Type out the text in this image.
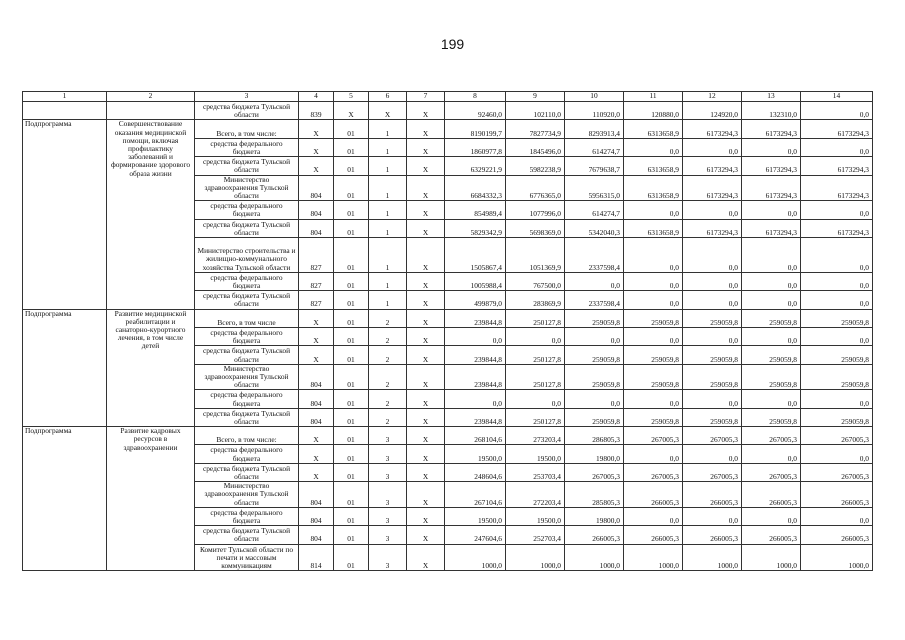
199
1	2	3	4	5	6	7	8	9	10	11	12	13	14
		средства бюджета Тульской области	839	X	X	X	92460,0	102110,0	110920,0	120880,0	124920,0	132310,0	0,0
Подпрограмма	Совершенствование оказания медицинской помощи, включая профилактику заболеваний и формирование здорового образа жизни	Всего, в том числе:	X	01	1	X	8190199,7	7827734,9	8293913,4	6313658,9	6173294,3	6173294,3	6173294,3
		средства федерального бюджета	X	01	1	X	1860977,8	1845496,0	614274,7	0,0	0,0	0,0	0,0
		средства бюджета Тульской области	X	01	1	X	6329221,9	5982238,9	7679638,7	6313658,9	6173294,3	6173294,3	6173294,3
		Министерство здравоохранения Тульской области	804	01	1	X	6684332,3	6776365,0	5956315,0	6313658,9	6173294,3	6173294,3	6173294,3
		средства федерального бюджета	804	01	1	X	854989,4	1077996,0	614274,7	0,0	0,0	0,0	0,0
		средства бюджета Тульской области	804	01	1	X	5829342,9	5698369,0	5342040,3	6313658,9	6173294,3	6173294,3	6173294,3
		Министерство строительства и жилищно-коммунального хозяйства Тульской области	827	01	1	X	1505867,4	1051369,9	2337598,4	0,0	0,0	0,0	0,0
		средства федерального бюджета	827	01	1	X	1005988,4	767500,0	0,0	0,0	0,0	0,0	0,0
		средства бюджета Тульской области	827	01	1	X	499879,0	283869,9	2337598,4	0,0	0,0	0,0	0,0
Подпрограмма	Развитие медицинской реабилитации и санаторно-курортного лечения, в том числе детей	Всего, в том числе	X	01	2	X	239844,8	250127,8	259059,8	259059,8	259059,8	259059,8	259059,8
		средства федерального бюджета	X	01	2	X	0,0	0,0	0,0	0,0	0,0	0,0	0,0
		средства бюджета Тульской области	X	01	2	X	239844,8	250127,8	259059,8	259059,8	259059,8	259059,8	259059,8
		Министерство здравоохранения Тульской области	804	01	2	X	239844,8	250127,8	259059,8	259059,8	259059,8	259059,8	259059,8
		средства федерального бюджета	804	01	2	X	0,0	0,0	0,0	0,0	0,0	0,0	0,0
		средства бюджета Тульской области	804	01	2	X	239844,8	250127,8	259059,8	259059,8	259059,8	259059,8	259059,8
Подпрограмма	Развитие кадровых ресурсов в здравоохранении	Всего, в том числе:	X	01	3	X	268104,6	273203,4	286805,3	267005,3	267005,3	267005,3	267005,3
		средства федерального бюджета	X	01	3	X	19500,0	19500,0	19800,0	0,0	0,0	0,0	0,0
		средства бюджета Тульской области	X	01	3	X	248604,6	253703,4	267005,3	267005,3	267005,3	267005,3	267005,3
		Министерство здравоохранения Тульской области	804	01	3	X	267104,6	272203,4	285805,3	266005,3	266005,3	266005,3	266005,3
		средства федерального бюджета	804	01	3	X	19500,0	19500,0	19800,0	0,0	0,0	0,0	0,0
		средства бюджета Тульской области	804	01	3	X	247604,6	252703,4	266005,3	266005,3	266005,3	266005,3	266005,3
		Комитет Тульской области по печати и массовым коммуникациям	814	01	3	X	1000,0	1000,0	1000,0	1000,0	1000,0	1000,0	1000,0
